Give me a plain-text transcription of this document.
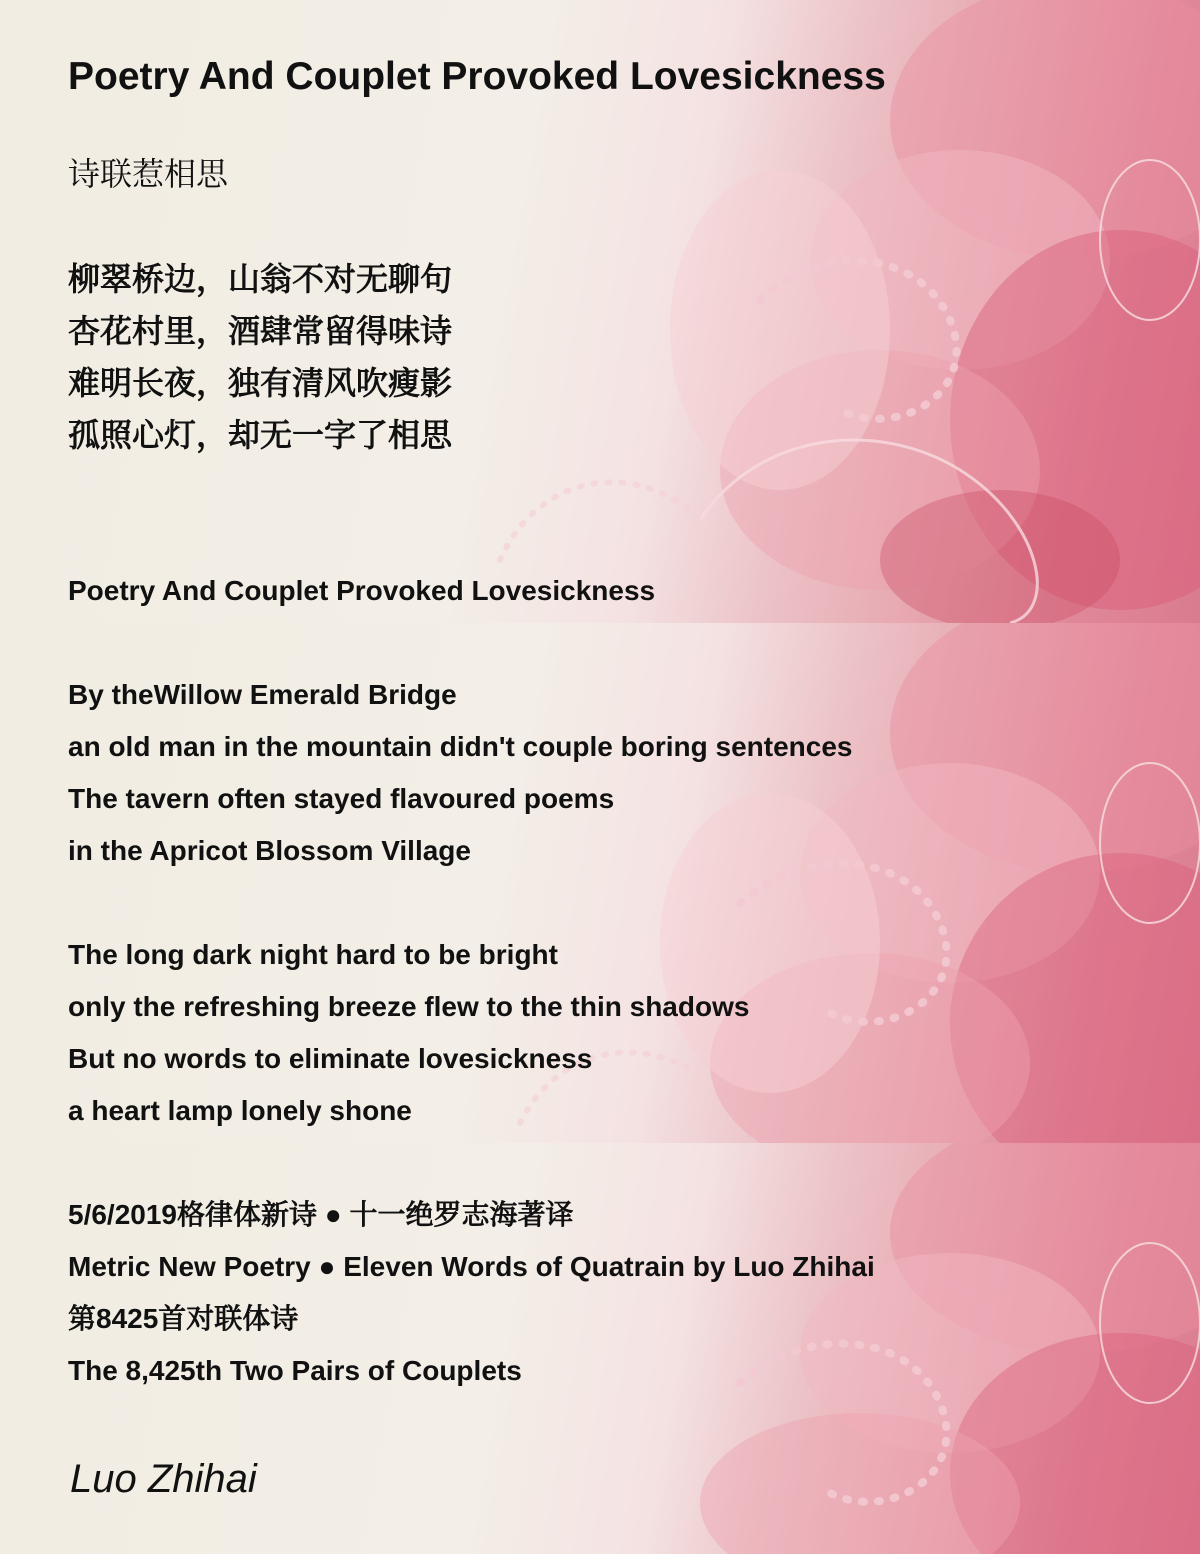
Poetry And Couplet Provoked Lovesickness
诗联惹相思
柳翠桥边，山翁不对无聊句
杏花村里，酒肆常留得味诗
难明长夜，独有清风吹瘦影
孤照心灯，却无一字了相思
Poetry And Couplet Provoked Lovesickness
By theWillow Emerald Bridge
an old man in the mountain didn't couple boring sentences
The tavern often stayed flavoured poems
in the Apricot Blossom Village
The long dark night hard to be bright
only the refreshing breeze flew to the thin shadows
But no words to eliminate lovesickness
a heart lamp lonely shone
5/6/2019格律体新诗 ● 十一绝罗志海著译
Metric New Poetry ● Eleven Words of Quatrain by Luo Zhihai
第8425首对联体诗
The 8,425th Two Pairs of Couplets
Luo Zhihai
